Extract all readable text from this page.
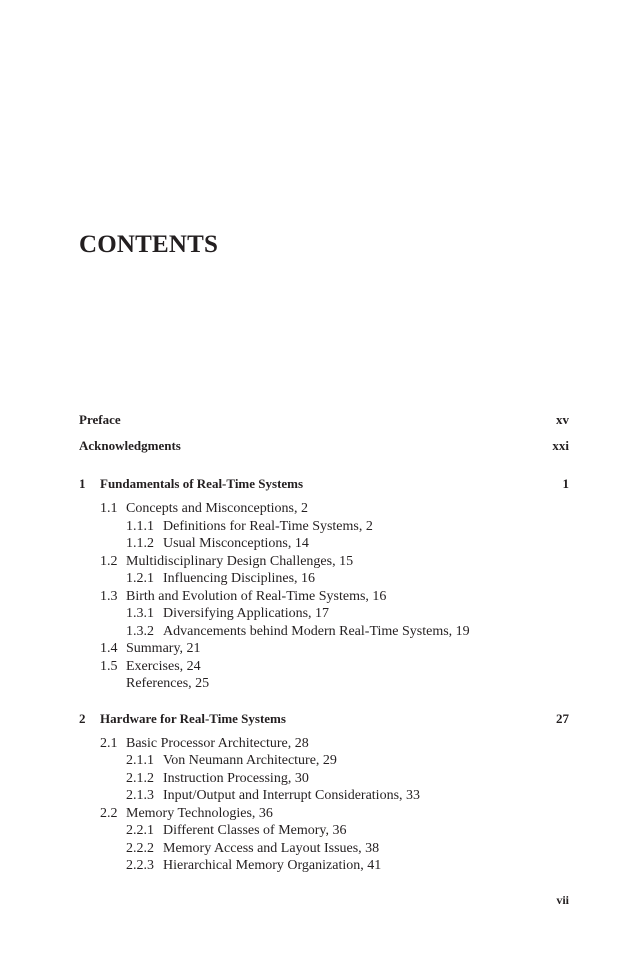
CONTENTS
Preface	xv
Acknowledgments	xxi
1 Fundamentals of Real-Time Systems	1
1.1 Concepts and Misconceptions, 2
1.1.1 Definitions for Real-Time Systems, 2
1.1.2 Usual Misconceptions, 14
1.2 Multidisciplinary Design Challenges, 15
1.2.1 Influencing Disciplines, 16
1.3 Birth and Evolution of Real-Time Systems, 16
1.3.1 Diversifying Applications, 17
1.3.2 Advancements behind Modern Real-Time Systems, 19
1.4 Summary, 21
1.5 Exercises, 24
References, 25
2 Hardware for Real-Time Systems	27
2.1 Basic Processor Architecture, 28
2.1.1 Von Neumann Architecture, 29
2.1.2 Instruction Processing, 30
2.1.3 Input/Output and Interrupt Considerations, 33
2.2 Memory Technologies, 36
2.2.1 Different Classes of Memory, 36
2.2.2 Memory Access and Layout Issues, 38
2.2.3 Hierarchical Memory Organization, 41
vii
